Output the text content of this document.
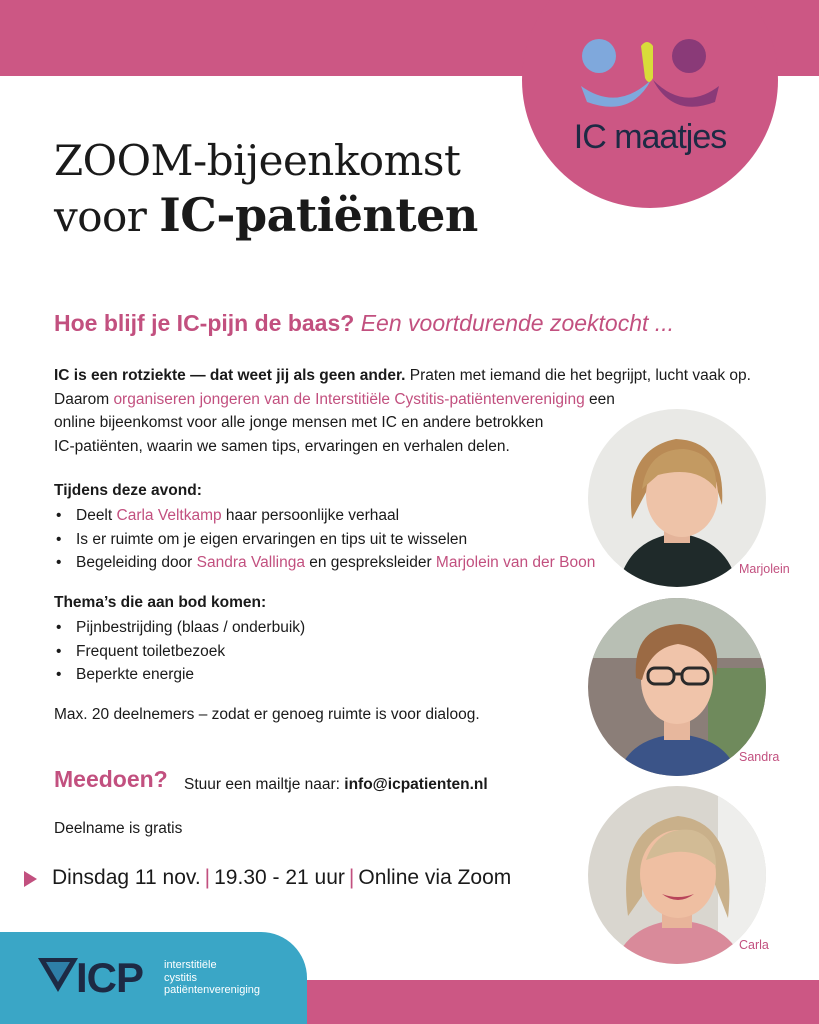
IC maatjes
ZOOM-bijeenkomst
voor IC-patiënten
Hoe blijf je IC-pijn de baas? Een voortdurende zoektocht ...
IC is een rotziekte — dat weet jij als geen ander. Praten met iemand die het begrijpt, lucht vaak op.
Daarom organiseren jongeren van de Interstitiële Cystitis-patiëntenvereniging een
online bijeenkomst voor alle jonge mensen met IC en andere betrokken
IC-patiënten, waarin we samen tips, ervaringen en verhalen delen.
Tijdens deze avond:
• Deelt Carla Veltkamp haar persoonlijke verhaal
• Is er ruimte om je eigen ervaringen en tips uit te wisselen
• Begeleiding door Sandra Vallinga en gespreksleider Marjolein van der Boon
Thema’s die aan bod komen:
• Pijnbestrijding (blaas / onderbuik)
• Frequent toiletbezoek
• Beperkte energie
Max. 20 deelnemers – zodat er genoeg ruimte is voor dialoog.
Meedoen? Stuur een mailtje naar: info@icpatienten.nl
Deelname is gratis
Dinsdag 11 nov. | 19.30 - 21 uur | Online via Zoom
Marjolein
Sandra
Carla
ICP interstitiële
cystitis
patiëntenvereniging
